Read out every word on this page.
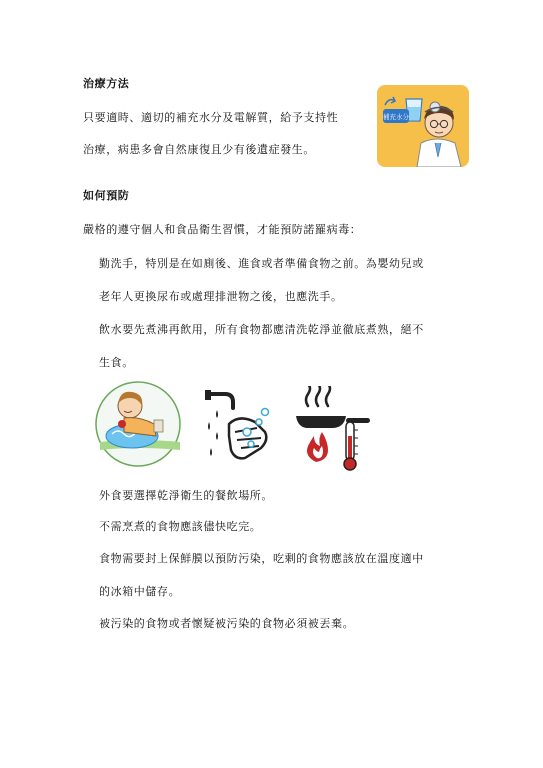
治療方法
只要適時、適切的補充水分及電解質，給予支持性
治療，病患多會自然康復且少有後遺症發生。
補充水分
如何預防
嚴格的遵守個人和食品衛生習慣，才能預防諾羅病毒：
勤洗手，特別是在如廁後、進食或者準備食物之前。為嬰幼兒或
老年人更換尿布或處理排泄物之後，也應洗手。
飲水要先煮沸再飲用，所有食物都應清洗乾淨並徹底煮熟，絕不
生食。
外食要選擇乾淨衛生的餐飲場所。
不需烹煮的食物應該儘快吃完。
食物需要封上保鮮膜以預防污染，吃剩的食物應該放在溫度適中
的冰箱中儲存。
被污染的食物或者懷疑被污染的食物必須被丟棄。
